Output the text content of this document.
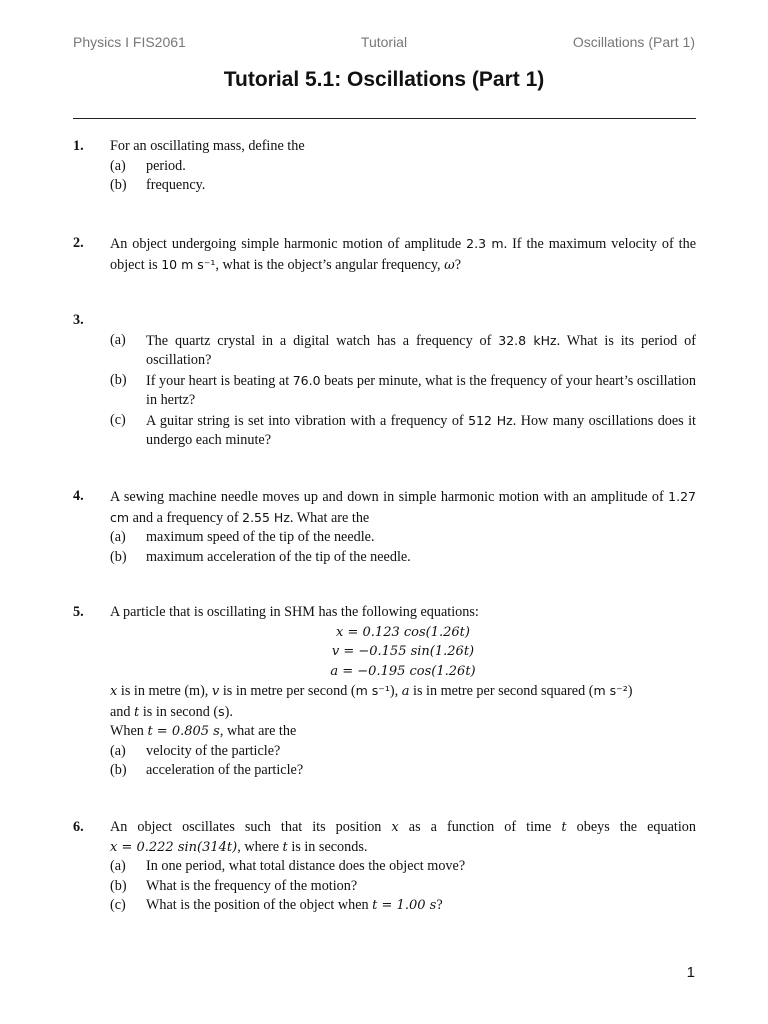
Physics I FIS2061	Tutorial	Oscillations (Part 1)
Tutorial 5.1: Oscillations (Part 1)
1. For an oscillating mass, define the
(a)	period.
(b)	frequency.
2. An object undergoing simple harmonic motion of amplitude 2.3 m. If the maximum velocity of the object is 10 m s⁻¹, what is the object’s angular frequency, ω?
3.
(a)	The quartz crystal in a digital watch has a frequency of 32.8 kHz. What is its period of oscillation?
(b)	If your heart is beating at 76.0 beats per minute, what is the frequency of your heart’s oscillation in hertz?
(c)	A guitar string is set into vibration with a frequency of 512 Hz. How many oscillations does it undergo each minute?
4. A sewing machine needle moves up and down in simple harmonic motion with an amplitude of 1.27 cm and a frequency of 2.55 Hz. What are the
(a)	maximum speed of the tip of the needle.
(b)	maximum acceleration of the tip of the needle.
5. A particle that is oscillating in SHM has the following equations:
x = 0.123 cos(1.26t)
v = −0.155 sin(1.26t)
a = −0.195 cos(1.26t)
x is in metre (m), v is in metre per second (m s⁻¹), a is in metre per second squared (m s⁻²)
and t is in second (s).
When t = 0.805 s, what are the
(a)	velocity of the particle?
(b)	acceleration of the particle?
6. An object oscillates such that its position x as a function of time t obeys the equation
x = 0.222 sin(314t), where t is in seconds.
(a)	In one period, what total distance does the object move?
(b)	What is the frequency of the motion?
(c)	What is the position of the object when t = 1.00 s?
1
